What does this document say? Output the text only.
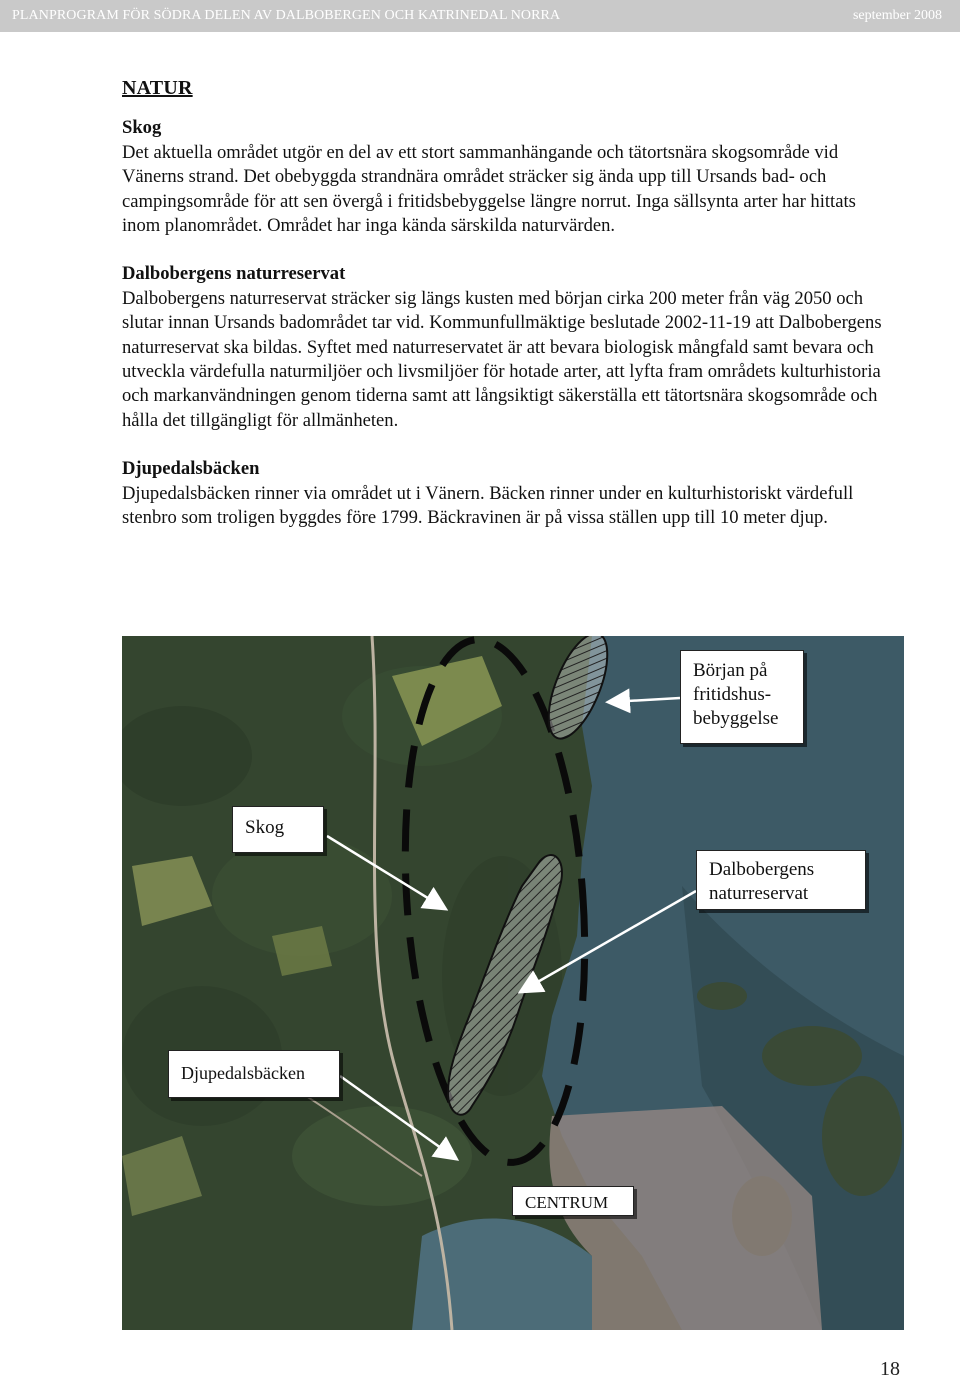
PLANPROGRAM FÖR SÖDRA DELEN AV DALBOBERGEN OCH KATRINEDAL NORRA	september 2008
NATUR
Skog

Det aktuella området utgör en del av ett stort sammanhängande och tätortsnära skogsområde vid Vänerns strand. Det obebyggda strandnära området sträcker sig ända upp till Ursands bad- och campingsområde för att sen övergå i fritidsbebyggelse längre norrut. Inga sällsynta arter har hittats inom planområdet. Området har inga kända särskilda naturvärden.

Dalbobergens naturreservat

Dalbobergens naturreservat sträcker sig längs kusten med början cirka 200 meter från väg 2050 och slutar innan Ursands badområdet tar vid. Kommunfullmäktige beslutade 2002-11-19 att Dalbobergens naturreservat ska bildas. Syftet med naturreservatet är att bevara biologisk mångfald samt bevara och utveckla värdefulla naturmiljöer och livsmiljöer för hotade arter, att lyfta fram områdets kulturhistoria och markanvändningen genom tiderna samt att långsiktigt säkerställa ett tätortsnära skogsområde och hålla det tillgängligt för allmänheten.

Djupedalsbäcken

Djupedalsbäcken rinner via området ut i Vänern. Bäcken rinner under en kulturhistoriskt värdefull stenbro som troligen byggdes före 1799. Bäckravinen är på vissa ställen upp till 10 meter djup.

Början på fritidshus-bebyggelse
Skog
Dalbobergens naturreservat
Djupedalsbäcken
CENTRUM
18
